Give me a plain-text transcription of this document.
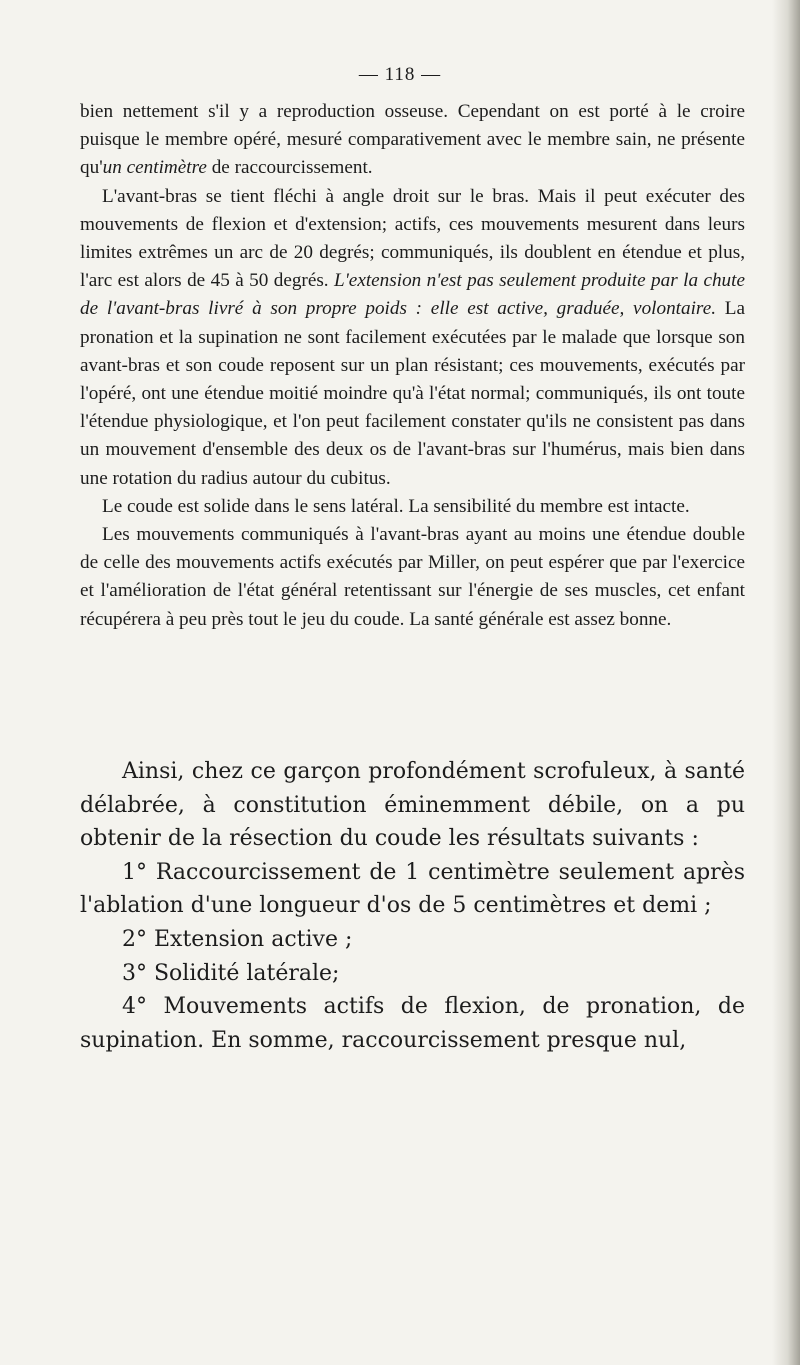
— 118 —

bien nettement s'il y a reproduction osseuse. Cependant on est porté à le croire puisque le membre opéré, mesuré comparativement avec le membre sain, ne présente qu'un centimètre de raccourcissement.

L'avant-bras se tient fléchi à angle droit sur le bras. Mais il peut exécuter des mouvements de flexion et d'extension; actifs, ces mouvements mesurent dans leurs limites extrêmes un arc de 20 degrés; communiqués, ils doublent en étendue et plus, l'arc est alors de 45 à 50 degrés. L'extension n'est pas seulement produite par la chute de l'avant-bras livré à son propre poids : elle est active, graduée, volontaire. La pronation et la supination ne sont facilement exécutées par le malade que lorsque son avant-bras et son coude reposent sur un plan résistant; ces mouvements, exécutés par l'opéré, ont une étendue moitié moindre qu'à l'état normal; communiqués, ils ont toute l'étendue physiologique, et l'on peut facilement constater qu'ils ne consistent pas dans un mouvement d'ensemble des deux os de l'avant-bras sur l'humérus, mais bien dans une rotation du radius autour du cubitus.

Le coude est solide dans le sens latéral. La sensibilité du membre est intacte.

Les mouvements communiqués à l'avant-bras ayant au moins une étendue double de celle des mouvements actifs exécutés par Miller, on peut espérer que par l'exercice et l'amélioration de l'état général retentissant sur l'énergie de ses muscles, cet enfant récupérera à peu près tout le jeu du coude. La santé générale est assez bonne.

Ainsi, chez ce garçon profondément scrofuleux, à santé délabrée, à constitution éminemment débile, on a pu obtenir de la résection du coude les résultats suivants :

1° Raccourcissement de 1 centimètre seulement après l'ablation d'une longueur d'os de 5 centimètres et demi ;

2° Extension active ;

3° Solidité latérale;

4° Mouvements actifs de flexion, de pronation, de supination. En somme, raccourcissement presque nul,
